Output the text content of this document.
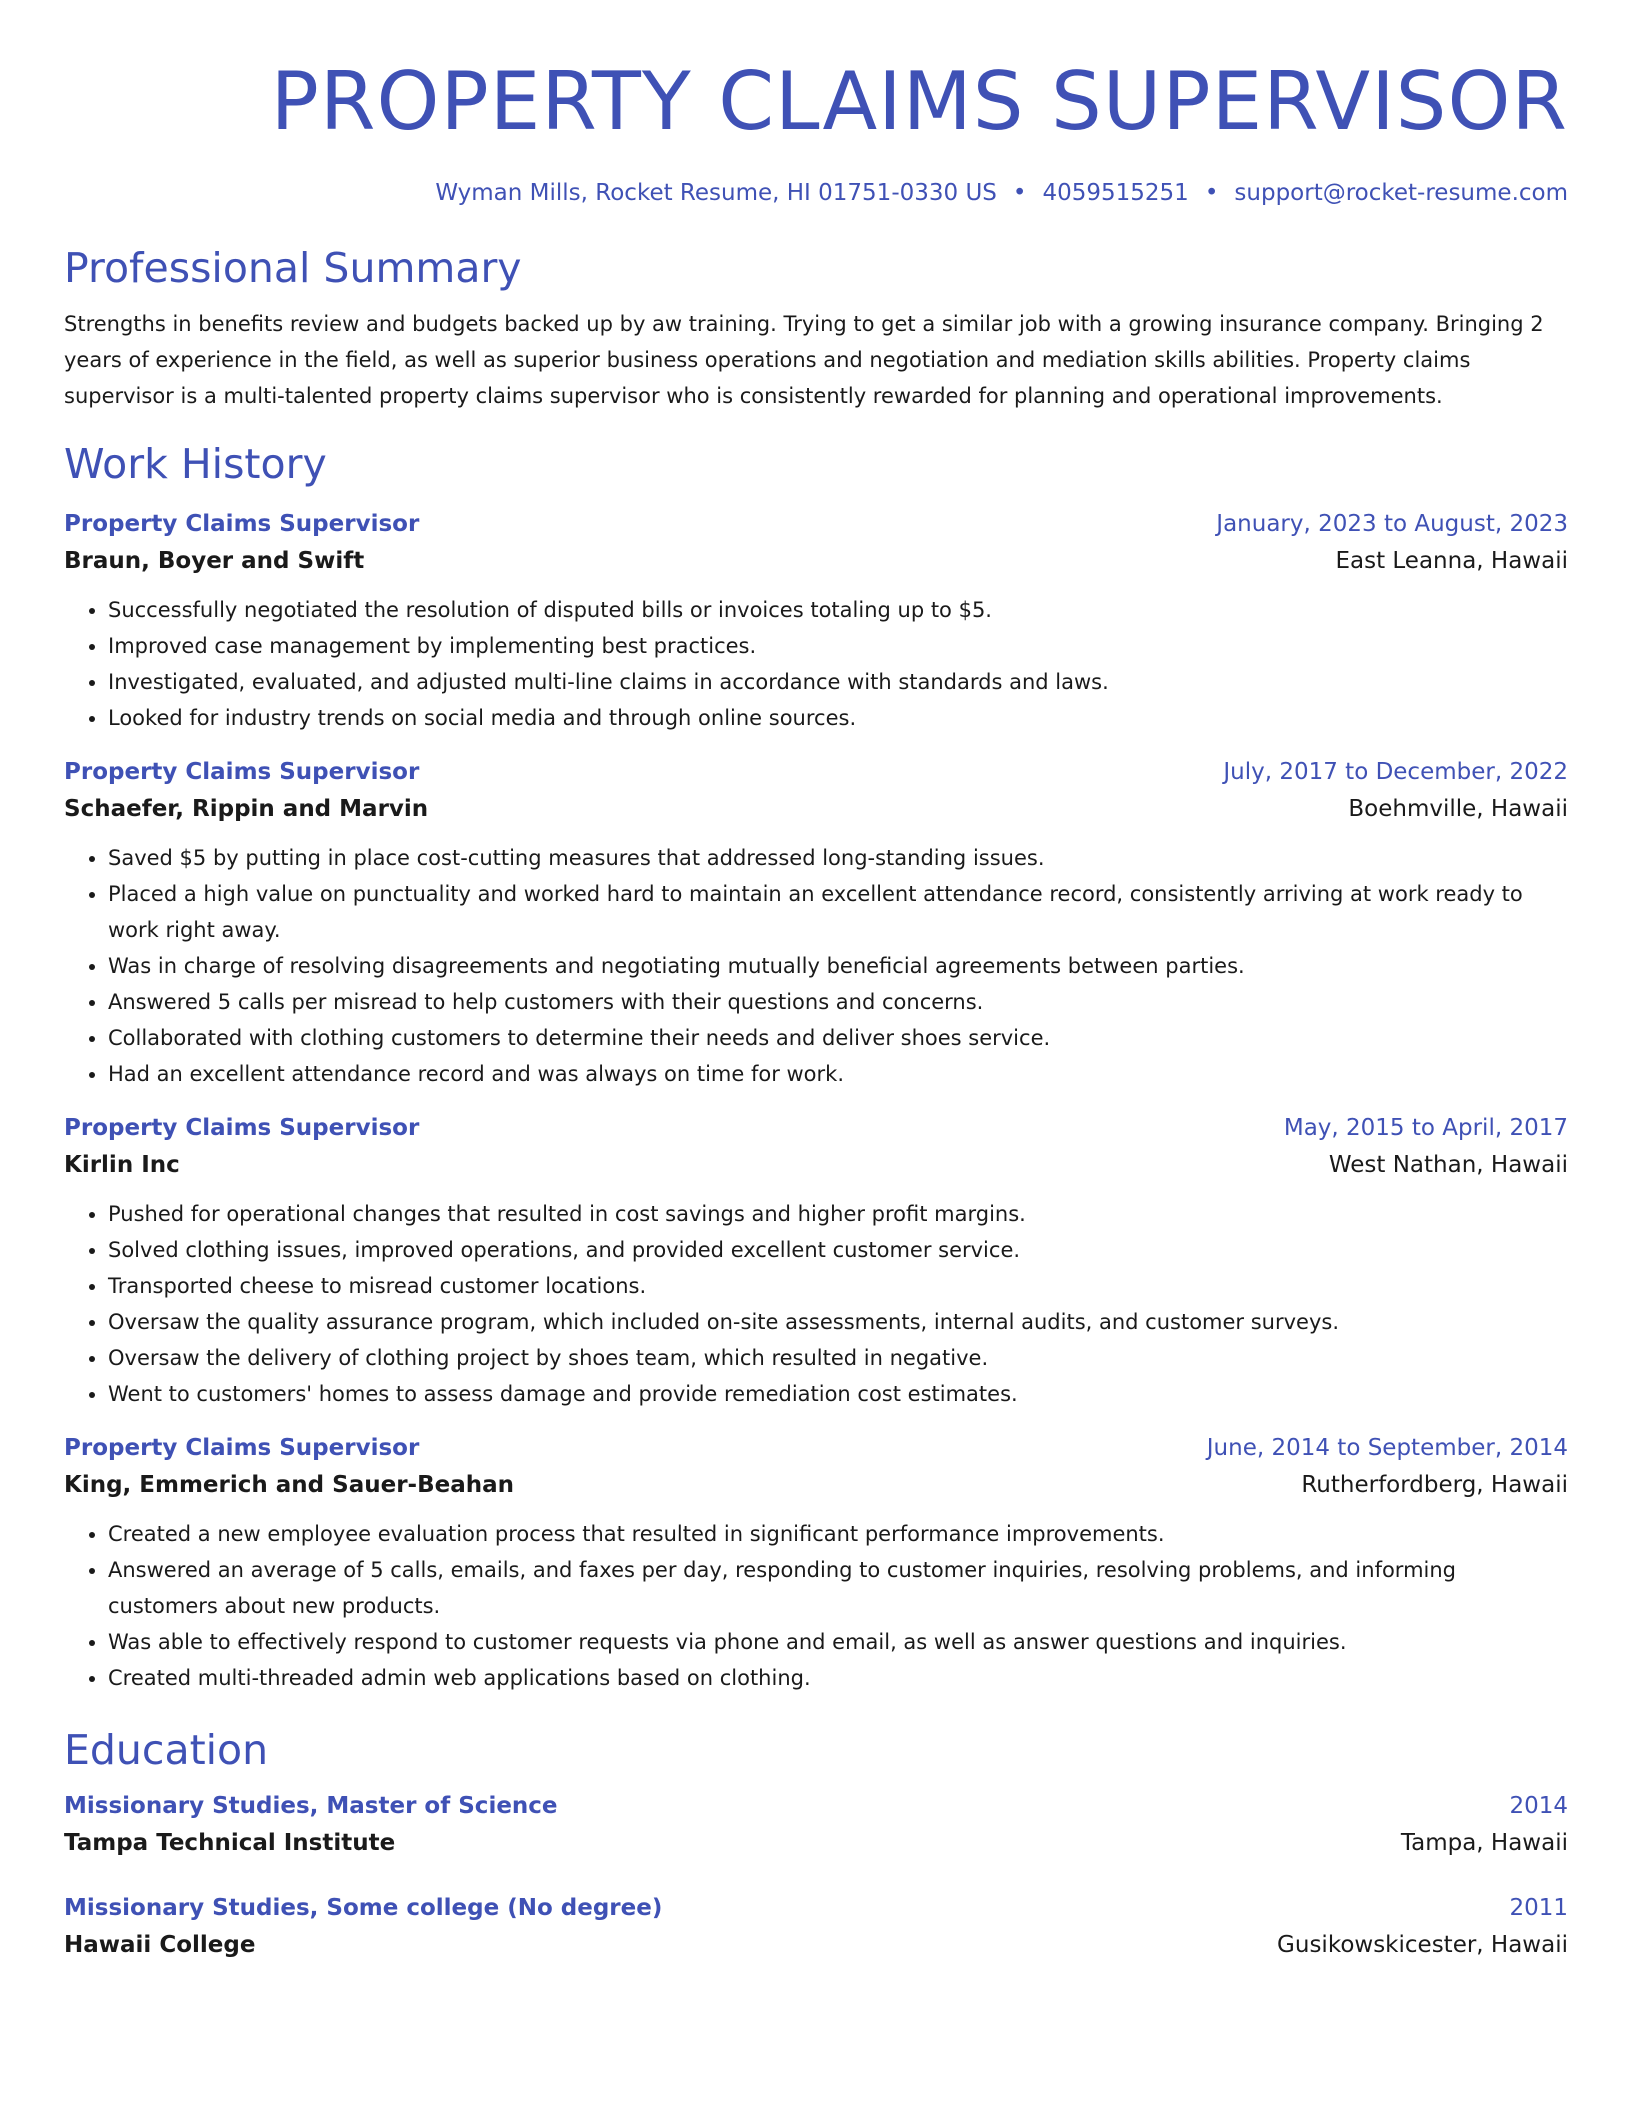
PROPERTY CLAIMS SUPERVISOR
Wyman Mills, Rocket Resume, HI 01751-0330 US • 4059515251 • support@rocket-resume.com
Professional Summary

Strengths in benefits review and budgets backed up by aw training. Trying to get a similar job with a growing insurance company. Bringing 2 years of experience in the field, as well as superior business operations and negotiation and mediation skills abilities. Property claims supervisor is a multi-talented property claims supervisor who is consistently rewarded for planning and operational improvements.

Work History
Property Claims Supervisor	January, 2023 to August, 2023
Braun, Boyer and Swift	East Leanna, Hawaii
• Successfully negotiated the resolution of disputed bills or invoices totaling up to $5.
• Improved case management by implementing best practices.
• Investigated, evaluated, and adjusted multi-line claims in accordance with standards and laws.
• Looked for industry trends on social media and through online sources.
Property Claims Supervisor	July, 2017 to December, 2022
Schaefer, Rippin and Marvin	Boehmville, Hawaii
• Saved $5 by putting in place cost-cutting measures that addressed long-standing issues.
• Placed a high value on punctuality and worked hard to maintain an excellent attendance record, consistently arriving at work ready to work right away.
• Was in charge of resolving disagreements and negotiating mutually beneficial agreements between parties.
• Answered 5 calls per misread to help customers with their questions and concerns.
• Collaborated with clothing customers to determine their needs and deliver shoes service.
• Had an excellent attendance record and was always on time for work.
Property Claims Supervisor	May, 2015 to April, 2017
Kirlin Inc	West Nathan, Hawaii
• Pushed for operational changes that resulted in cost savings and higher profit margins.
• Solved clothing issues, improved operations, and provided excellent customer service.
• Transported cheese to misread customer locations.
• Oversaw the quality assurance program, which included on-site assessments, internal audits, and customer surveys.
• Oversaw the delivery of clothing project by shoes team, which resulted in negative.
• Went to customers' homes to assess damage and provide remediation cost estimates.
Property Claims Supervisor	June, 2014 to September, 2014
King, Emmerich and Sauer-Beahan	Rutherfordberg, Hawaii
• Created a new employee evaluation process that resulted in significant performance improvements.
• Answered an average of 5 calls, emails, and faxes per day, responding to customer inquiries, resolving problems, and informing customers about new products.
• Was able to effectively respond to customer requests via phone and email, as well as answer questions and inquiries.
• Created multi-threaded admin web applications based on clothing.
Education
Missionary Studies, Master of Science	2014
Tampa Technical Institute	Tampa, Hawaii
Missionary Studies, Some college (No degree)	2011
Hawaii College	Gusikowskicester, Hawaii
